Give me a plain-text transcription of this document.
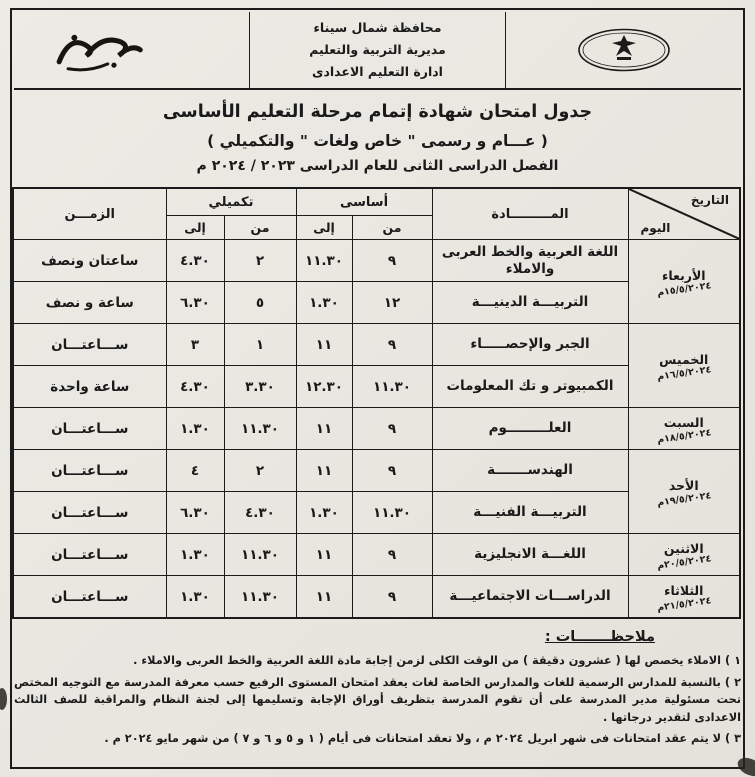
محافظة شمال سيناء
مديرية التربية والتعليم
ادارة التعليم الاعدادى
جدول امتحان شهادة إتمام مرحلة التعليم الأساسى
( عـــام و رسمى " خاص ولغات " والتكميلي )
الفصل الدراسى الثانى للعام الدراسى ٢٠٢٣ / ٢٠٢٤ م
التاريخ
اليوم	المـــــــــادة	أساسى		تكميلي		الزمـــن
		من	إلى	من	إلى	

الأربعاء
١٥/٥/٢٠٢٤م	اللغة العربية والخط العربى والاملاء	٩	١١.٣٠	٢	٤.٣٠	ساعتان ونصف
	التربيـــة الدينيـــة	١٢	١.٣٠	٥	٦.٣٠	ساعة و نصف

الخميس
١٦/٥/٢٠٢٤م	الجبر والإحصـــــاء	٩	١١	١	٣	ســـاعتـــان
	الكمبيوتر و تك المعلومات	١١.٣٠	١٢.٣٠	٣.٣٠	٤.٣٠	ساعة واحدة

السبت
١٨/٥/٢٠٢٤م	العلـــــــــوم	٩	١١	١١.٣٠	١.٣٠	ســـاعتـــان

الأحد
١٩/٥/٢٠٢٤م	الهندســـــــة	٩	١١	٢	٤	ســـاعتـــان
	التربيـــة الفنيـــة	١١.٣٠	١.٣٠	٤.٣٠	٦.٣٠	ســـاعتـــان

الاثنين
٢٠/٥/٢٠٢٤م	اللغـــة الانجليزية	٩	١١	١١.٣٠	١.٣٠	ســـاعتـــان

الثلاثاء
٢١/٥/٢٠٢٤م	الدراســـات الاجتماعيـــة	٩	١١	١١.٣٠	١.٣٠	ســـاعتـــان
ملاحظـــــــات :
١ ) الاملاء يخصص لها ( عشرون دقيقة ) من الوقت الكلى لزمن إجابة مادة اللغة العربية والخط العربى والاملاء .
٢ ) بالنسبة للمدارس الرسمية للغات والمدارس الخاصة لغات يعقد امتحان المستوى الرفيع حسب معرفة المدرسة مع التوجيه المختص تحت مسئولية مدير المدرسة على أن تقوم المدرسة بتظريف أوراق الإجابة وتسليمها إلى لجنة النظام والمراقبة للصف الثالث الاعدادى لتقدير درجاتها .
٣ ) لا يتم عقد امتحانات فى شهر ابريل ٢٠٢٤ م ، ولا تعقد امتحانات فى أيام ( ١ و ٥ و ٦ و ٧ ) من شهر مايو ٢٠٢٤ م .
